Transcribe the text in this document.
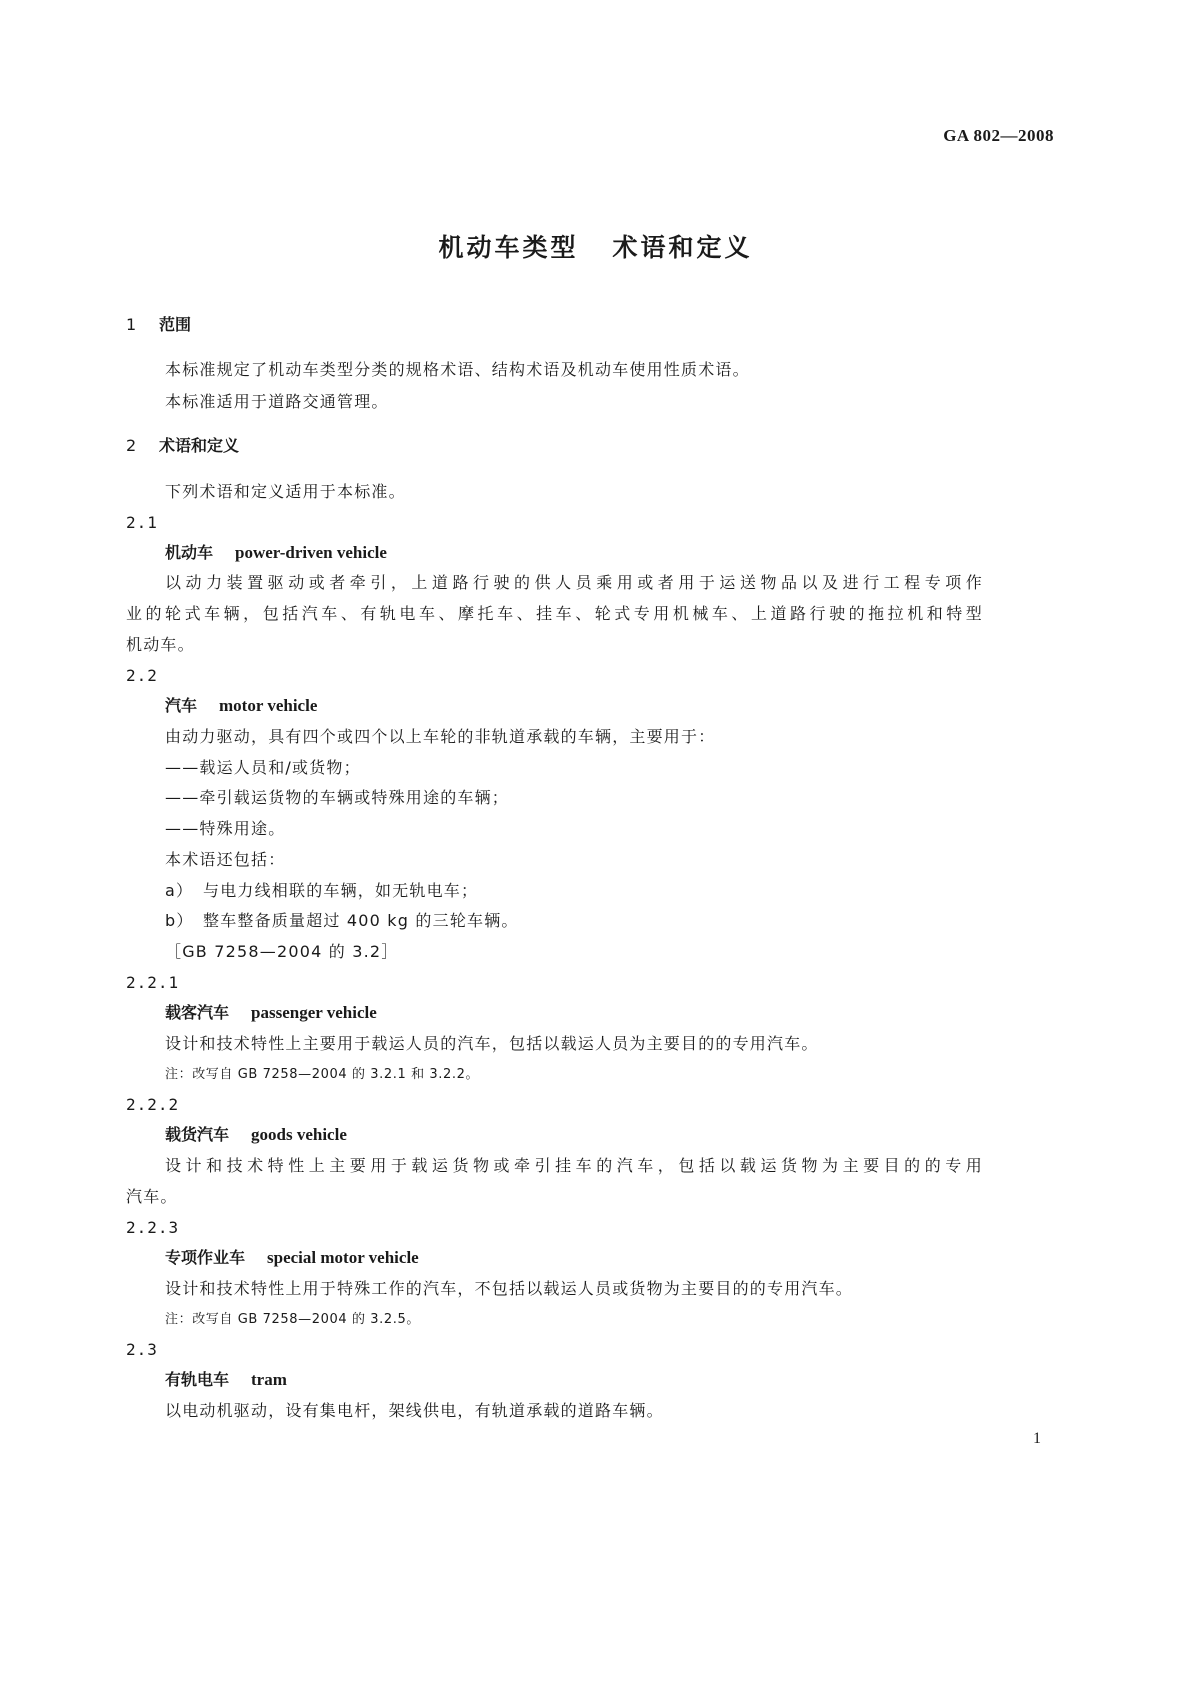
GA 802—2008
机动车类型 术语和定义
1 范围
本标准规定了机动车类型分类的规格术语、结构术语及机动车使用性质术语。
本标准适用于道路交通管理。
2 术语和定义
下列术语和定义适用于本标准。
2.1
机动车 power-driven vehicle
以动力装置驱动或者牵引，上道路行驶的供人员乘用或者用于运送物品以及进行工程专项作
业的轮式车辆，包括汽车、有轨电车、摩托车、挂车、轮式专用机械车、上道路行驶的拖拉机和特型
机动车。
2.2
汽车 motor vehicle
由动力驱动，具有四个或四个以上车轮的非轨道承载的车辆，主要用于：
——载运人员和/或货物；
——牵引载运货物的车辆或特殊用途的车辆；
——特殊用途。
本术语还包括：
a） 与电力线相联的车辆，如无轨电车；
b） 整车整备质量超过 400 kg 的三轮车辆。
［GB 7258—2004 的 3.2］
2.2.1
载客汽车 passenger vehicle
设计和技术特性上主要用于载运人员的汽车，包括以载运人员为主要目的的专用汽车。
注：改写自 GB 7258—2004 的 3.2.1 和 3.2.2。
2.2.2
载货汽车 goods vehicle
设计和技术特性上主要用于载运货物或牵引挂车的汽车，包括以载运货物为主要目的的专用
汽车。
2.2.3
专项作业车 special motor vehicle
设计和技术特性上用于特殊工作的汽车，不包括以载运人员或货物为主要目的的专用汽车。
注：改写自 GB 7258—2004 的 3.2.5。
2.3
有轨电车 tram
以电动机驱动，设有集电杆，架线供电，有轨道承载的道路车辆。
1
